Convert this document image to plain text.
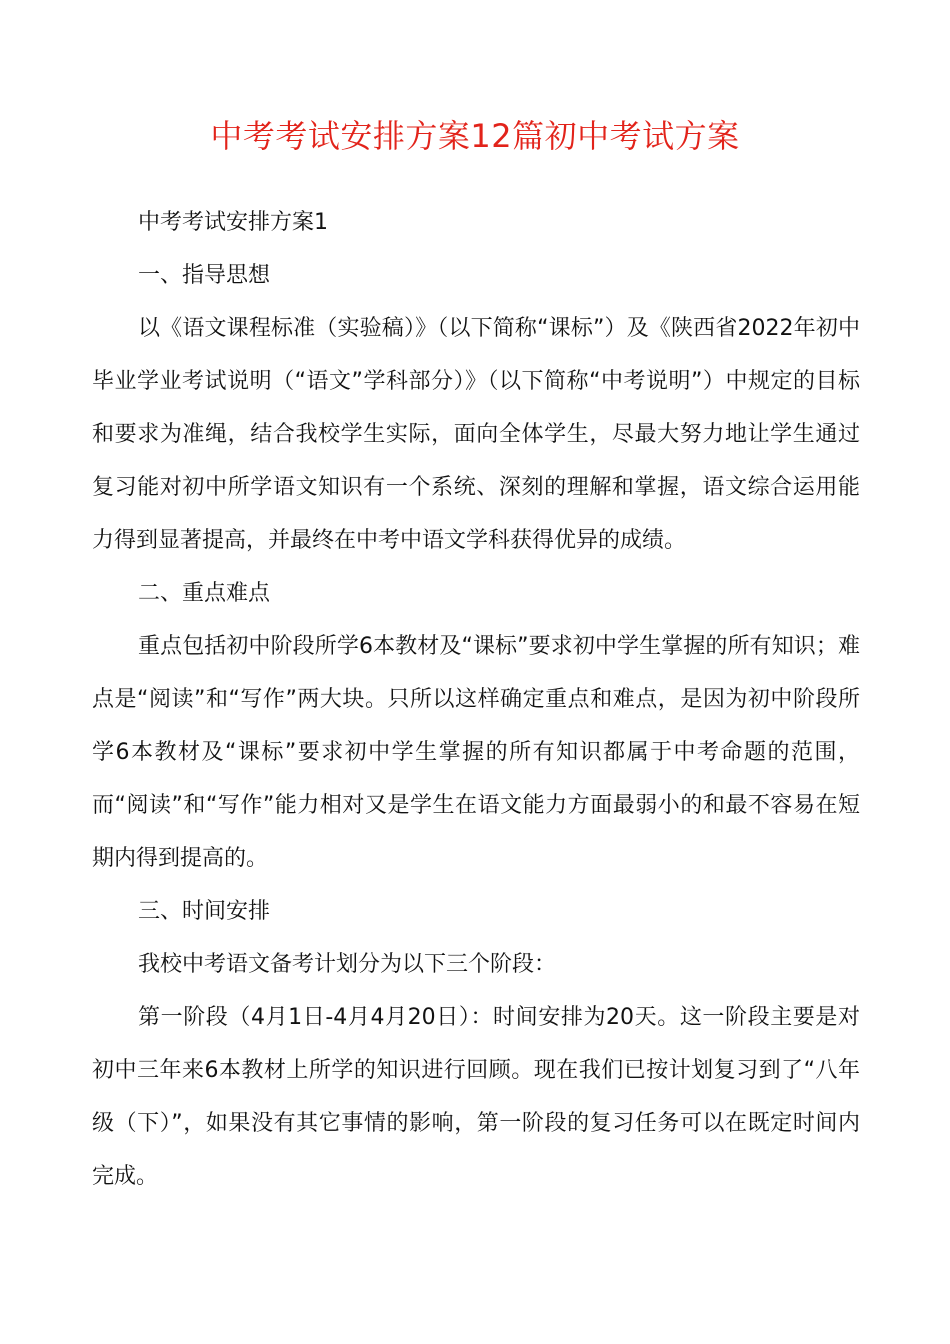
中考考试安排方案12篇初中考试方案

中考考试安排方案1

一、指导思想

以《语文课程标准（实验稿）》（以下简称“课标”）及《陕西省2022年初中毕业学业考试说明（“语文”学科部分）》（以下简称“中考说明”）中规定的目标和要求为准绳，结合我校学生实际，面向全体学生，尽最大努力地让学生通过复习能对初中所学语文知识有一个系统、深刻的理解和掌握，语文综合运用能力得到显著提高，并最终在中考中语文学科获得优异的成绩。

二、重点难点

重点包括初中阶段所学6本教材及“课标”要求初中学生掌握的所有知识；难点是“阅读”和“写作”两大块。只所以这样确定重点和难点，是因为初中阶段所学6本教材及“课标”要求初中学生掌握的所有知识都属于中考命题的范围，而“阅读”和“写作”能力相对又是学生在语文能力方面最弱小的和最不容易在短期内得到提高的。

三、时间安排

我校中考语文备考计划分为以下三个阶段：

第一阶段（4月1日-4月4月20日）：时间安排为20天。这一阶段主要是对初中三年来6本教材上所学的知识进行回顾。现在我们已按计划复习到了“八年级（下）”，如果没有其它事情的影响，第一阶段的复习任务可以在既定时间内完成。
